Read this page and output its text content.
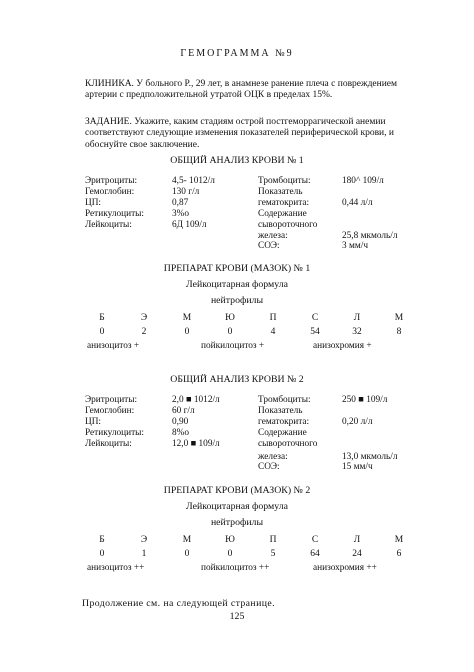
ГЕМОГРАММА №9
КЛИНИКА. У больного Р., 29 лет, в анамнезе ранение плеча с повреждением артерии с предположительной утратой ОЦК в пределах 15%.
ЗАДАНИЕ. Укажите, каким стадиям острой постгеморрагической анемии соответствуют следующие изменения показателей периферической крови, и обоснуйте свое заключение.
ОБЩИЙ АНАЛИЗ КРОВИ № 1
Эритроциты:	4,5- 1012/л
Гемоглобин:	130 г/л
ЦП:	0,87
Ретикулоциты:	3%о
Лейкоциты:	6Д 109/л
Тромбоциты:	180^ 109/л
Показатель
гематокрита:	0,44 л/л
Содержание
сывороточного
железа:	25,8 мкмоль/л
СОЭ:	3 мм/ч
ПРЕПАРАТ КРОВИ (МАЗОК) № 1
Лейкоцитарная формула
нейтрофилы
Б	Э	М	Ю	П	С	Л	М
0	2	0	0	4	54	32	8
анизоцитоз +	пойкилоцитоз +	анизохромия +
ОБЩИЙ АНАЛИЗ КРОВИ № 2
Эритроциты:	2,0 ■ 1012/л
Гемоглобин:	60 г/л
ЦП:	0,90
Ретикулоциты:	8%о
Лейкоциты:	12,0 ■ 109/л
Тромбоциты:	250 ■ 109/л
Показатель
гематокрита:	0,20 л/л
Содержание
сывороточного
железа:	13,0 мкмоль/л
СОЭ:	15 мм/ч
ПРЕПАРАТ КРОВИ (МАЗОК) № 2
Лейкоцитарная формула
нейтрофилы
Б	Э	М	Ю	П	С	Л	М
0	1	0	0	5	64	24	6
анизоцитоз ++	пойкилоцитоз ++	анизохромия ++
Продолжение см. на следующей странице.
125
